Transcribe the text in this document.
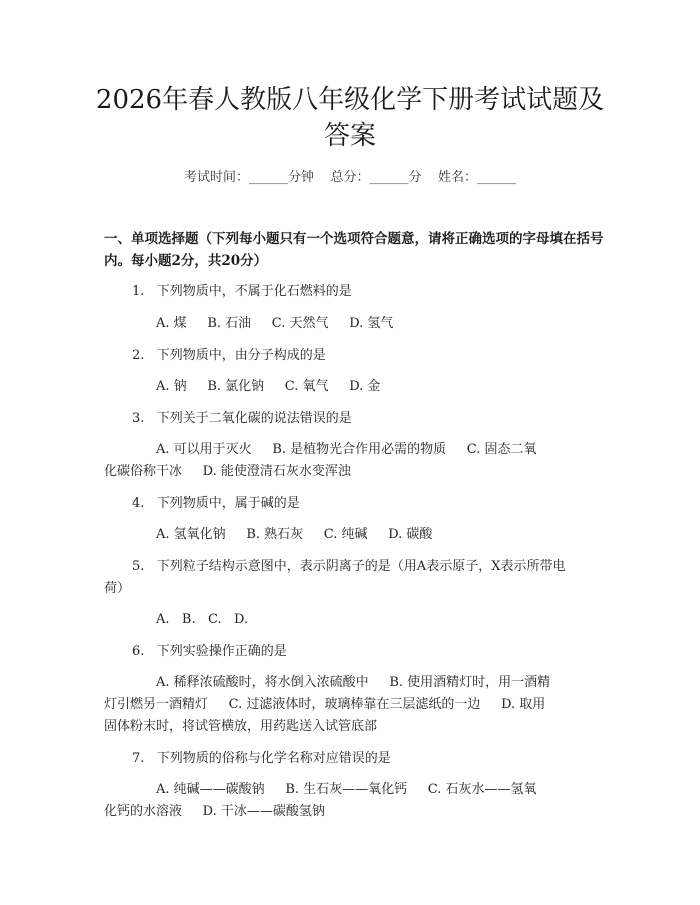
2026年春人教版八年级化学下册考试试题及答案
考试时间：______分钟    总分：______分    姓名：______
一、单项选择题（下列每小题只有一个选项符合题意，请将正确选项的字母填在括号内。每小题2分，共20分）
1.   下列物质中，不属于化石燃料的是
A. 煤     B. 石油     C. 天然气     D. 氢气
2.   下列物质中，由分子构成的是
A. 钠     B. 氯化钠     C. 氧气     D. 金
3.   下列关于二氧化碳的说法错误的是
A. 可以用于灭火     B. 是植物光合作用必需的物质     C. 固态二氧
化碳俗称干冰     D. 能使澄清石灰水变浑浊
4.   下列物质中，属于碱的是
A. 氢氧化钠     B. 熟石灰     C. 纯碱     D. 碳酸
5.   下列粒子结构示意图中，表示阴离子的是（用A表示原子，X表示所带电
荷）
A.   B.   C.   D.
6.   下列实验操作正确的是
A. 稀释浓硫酸时，将水倒入浓硫酸中     B. 使用酒精灯时，用一酒精
灯引燃另一酒精灯     C. 过滤液体时，玻璃棒靠在三层滤纸的一边     D. 取用
固体粉末时，将试管横放，用药匙送入试管底部
7.   下列物质的俗称与化学名称对应错误的是
A. 纯碱——碳酸钠     B. 生石灰——氧化钙     C. 石灰水——氢氧
化钙的水溶液     D. 干冰——碳酸氢钠
